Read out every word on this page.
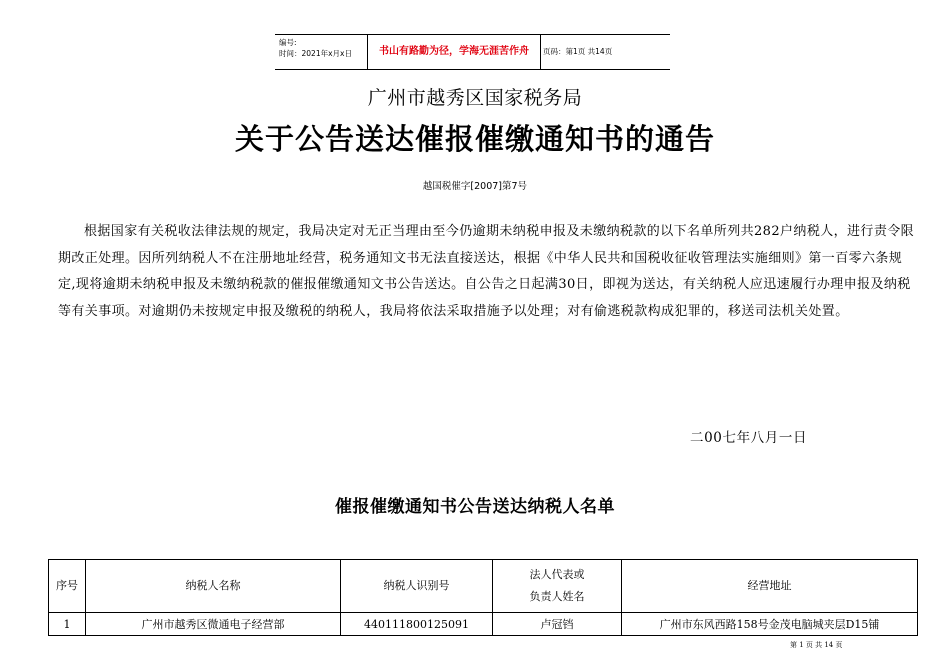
编号:
时间：2021年x月x日	书山有路勤为径，学海无涯苦作舟	页码：第1页 共14页
广州市越秀区国家税务局
关于公告送达催报催缴通知书的通告
越国税催字[2007]第7号
根据国家有关税收法律法规的规定，我局决定对无正当理由至今仍逾期未纳税申报及未缴纳税款的以下名单所列共282户纳税人，进行责令限期改正处理。因所列纳税人不在注册地址经营，税务通知文书无法直接送达，根据《中华人民共和国税收征收管理法实施细则》第一百零六条规定,现将逾期未纳税申报及未缴纳税款的催报催缴通知文书公告送达。自公告之日起满30日，即视为送达，有关纳税人应迅速履行办理申报及纳税等有关事项。对逾期仍未按规定申报及缴税的纳税人，我局将依法采取措施予以处理；对有偷逃税款构成犯罪的，移送司法机关处置。
二00七年八月一日
催报催缴通知书公告送达纳税人名单
序号	纳税人名称	纳税人识别号	法人代表或
负责人姓名	经营地址
1	广州市越秀区微通电子经营部	440111800125091	卢冠铛	广州市东风西路158号金茂电脑城夹层D15铺
第 1 页 共 14 页
